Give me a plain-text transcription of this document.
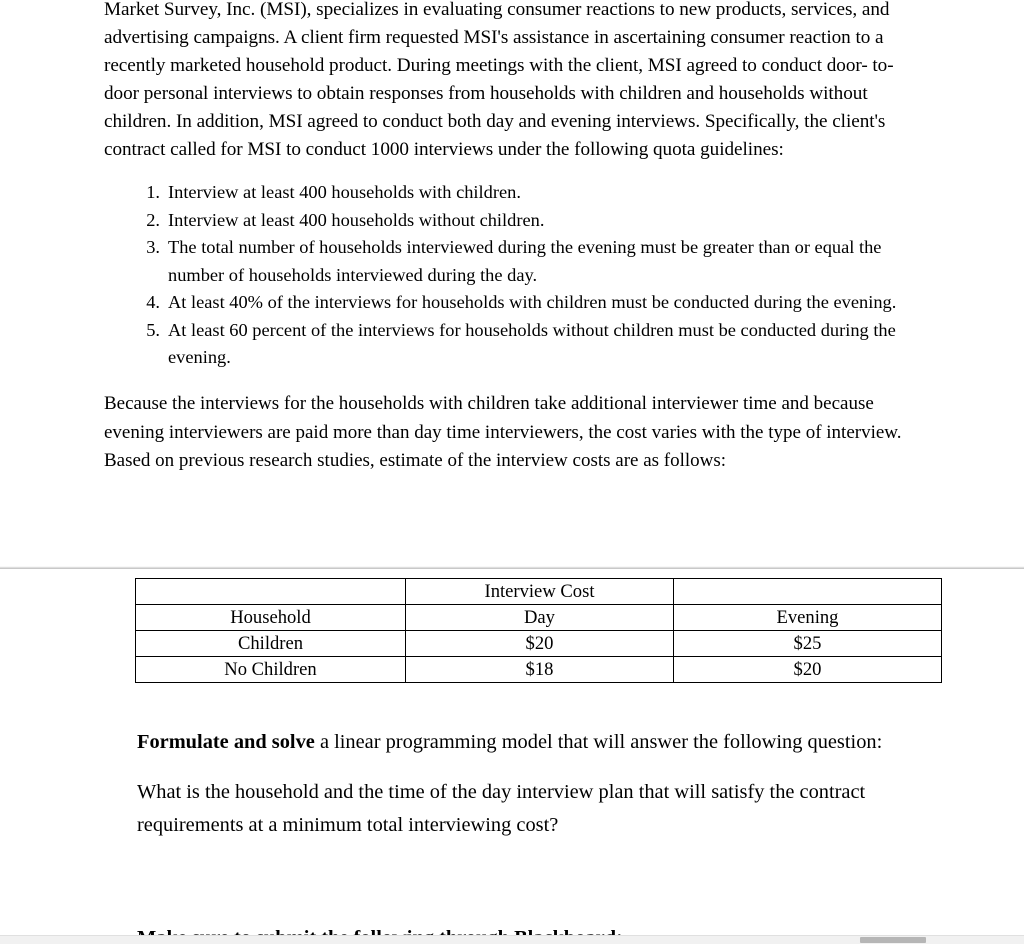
Market Survey, Inc. (MSI), specializes in evaluating consumer reactions to new products, services, and advertising campaigns. A client firm requested MSI's assistance in ascertaining consumer reaction to a recently marketed household product. During meetings with the client, MSI agreed to conduct door- to- door personal interviews to obtain responses from households with children and households without children. In addition, MSI agreed to conduct both day and evening interviews. Specifically, the client's contract called for MSI to conduct 1000 interviews under the following quota guidelines:

1. Interview at least 400 households with children.
2. Interview at least 400 households without children.
3. The total number of households interviewed during the evening must be greater than or equal the number of households interviewed during the day.
4. At least 40% of the interviews for households with children must be conducted during the evening.
5. At least 60 percent of the interviews for households without children must be conducted during the evening.

Because the interviews for the households with children take additional interviewer time and because evening interviewers are paid more than day time interviewers, the cost varies with the type of interview. Based on previous research studies, estimate of the interview costs are as follows:

	Interview Cost	
Household	Day	Evening
Children	$20	$25
No Children	$18	$20

Formulate and solve a linear programming model that will answer the following question:

What is the household and the time of the day interview plan that will satisfy the contract requirements at a minimum total interviewing cost?
